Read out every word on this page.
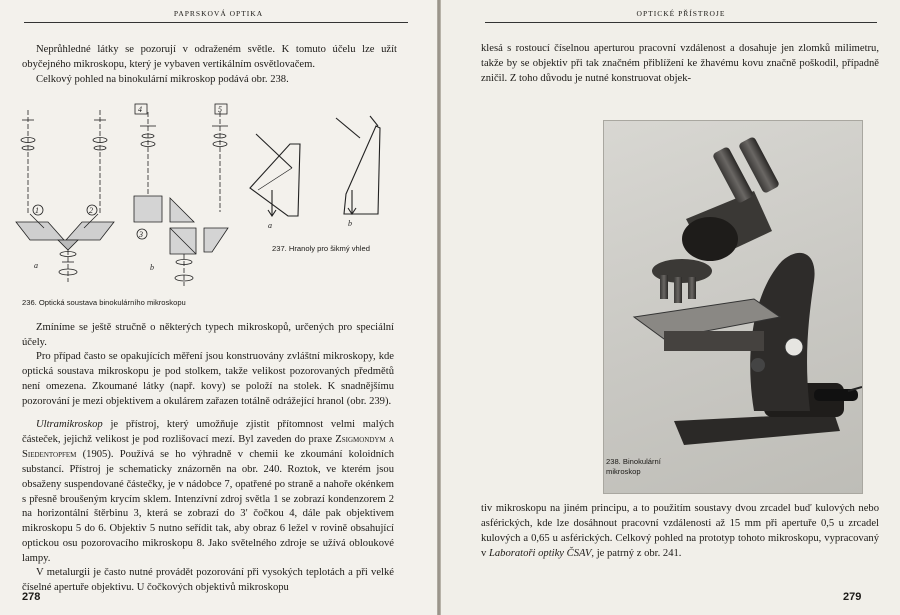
PAPRSKOVÁ OPTIKA

Neprůhledné látky se pozorují v odraženém světle. K tomuto účelu lze užít obyčejného mikroskopu, který je vybaven vertikálním osvětlovačem.

Celkový pohled na binokulární mikroskop podává obr. 238.

1	2
3
4	5
a	b
236. Optická soustava binokulárního mikroskopu
a	b
237. Hranoly pro šikmý vhled

Zmíníme se ještě stručně o některých typech mikroskopů, určených pro speciální účely.

Pro případ často se opakujících měření jsou konstruovány zvláštní mikroskopy, kde optická soustava mikroskopu je pod stolkem, takže velikost pozorovaných předmětů není omezena. Zkoumané látky (např. kovy) se položí na stolek. K snadnějšímu pozorování je mezi objektivem a okulárem zařazen totálně odrážející hranol (obr. 239).

Ultramikroskop je přístroj, který umožňuje zjistit přítomnost velmi malých částeček, jejichž velikost je pod rozlišovací mezí. Byl zaveden do praxe Zsigmondym a Siedentopfem (1905). Používá se ho výhradně v chemii ke zkoumání koloidních substancí. Přístroj je schematicky znázorněn na obr. 240. Roztok, ve kterém jsou obsaženy suspendované částečky, je v nádobce 7, opatřené po straně a nahoře okénkem s přesně broušeným krycím sklem. Intenzívní zdroj světla 1 se zobrazí kondenzorem 2 na horizontální štěrbinu 3, která se zobrazí do 3′ čočkou 4, dále pak objektivem mikroskopu 5 do 6. Objektiv 5 nutno seřídit tak, aby obraz 6 ležel v rovině obsahující optickou osu pozorovacího mikroskopu 8. Jako světelného zdroje se užívá obloukové lampy.

V metalurgii je často nutné provádět pozorování při vysokých teplotách a při velké číselné apertuře objektivu. U čočkových objektivů mikroskopu

278
OPTICKÉ PŘÍSTROJE

klesá s rostoucí číselnou aperturou pracovní vzdálenost a dosahuje jen zlomků milimetru, takže by se objektiv při tak značném přiblížení ke žhavému kovu značně poškodil, případně zničil. Z toho důvodu je nutné konstruovat objek-

238. Binokulární
mikroskop

tiv mikroskopu na jiném principu, a to použitím soustavy dvou zrcadel buď kulových nebo asférických, kde lze dosáhnout pracovní vzdálenosti až 15 mm při apertuře 0,5 u zrcadel kulových a 0,65 u asférických. Celkový pohled na prototyp tohoto mikroskopu, vypracovaný v Laboratoři optiky ČSAV, je patrný z obr. 241.

279
